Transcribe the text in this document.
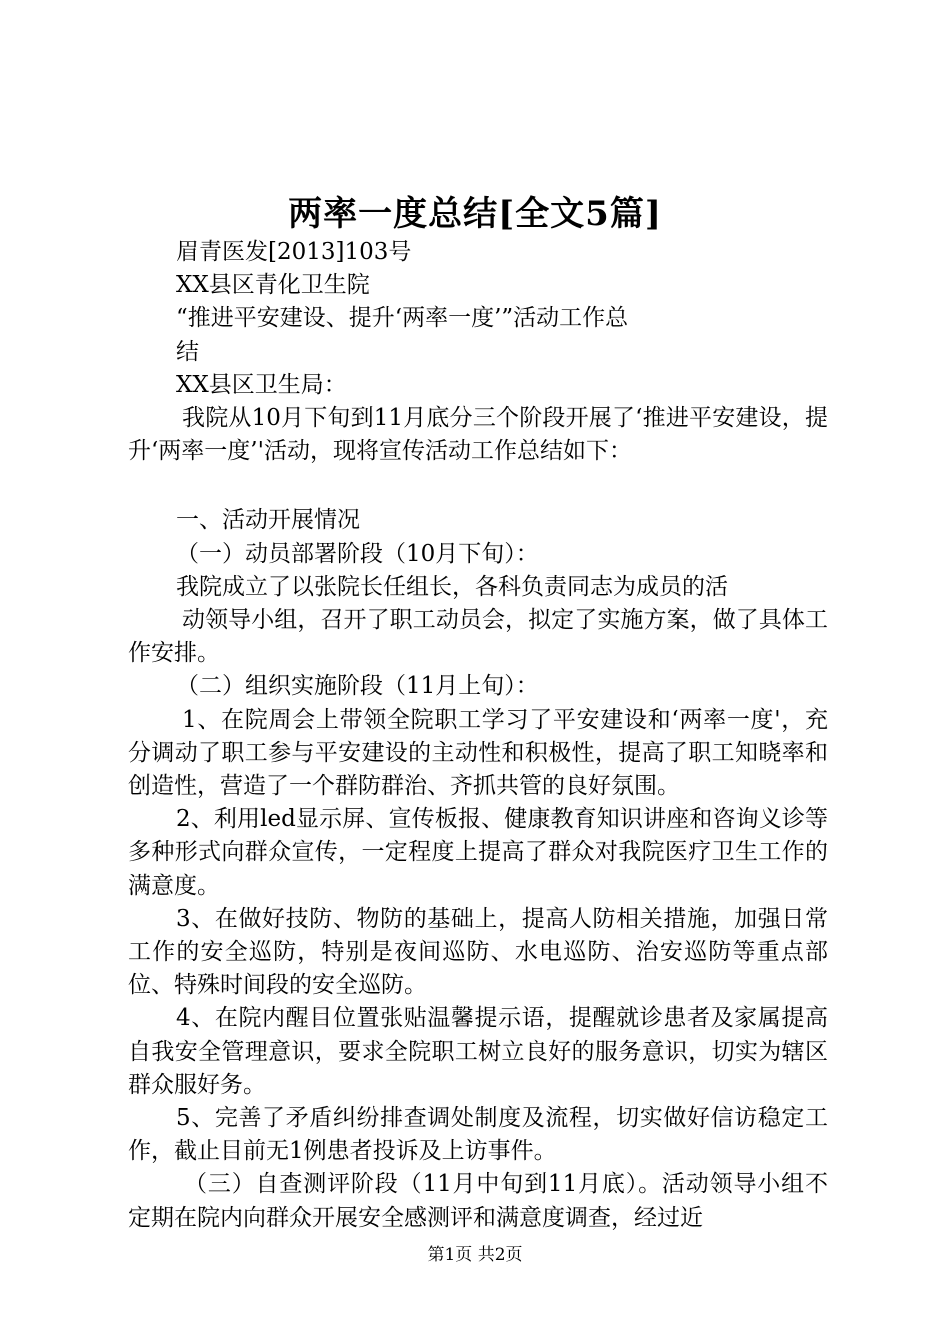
两率一度总结[全文5篇]

眉青医发[2013]103号

XX县区青化卫生院

“推进平安建设、提升‘两率一度’”活动工作总

结

XX县区卫生局：

我院从10月下旬到11月底分三个阶段开展了‘推进平安建设，提升‘两率一度’'活动，现将宣传活动工作总结如下：

一、活动开展情况

（一）动员部署阶段（10月下旬）：

我院成立了以张院长任组长，各科负责同志为成员的活

动领导小组，召开了职工动员会，拟定了实施方案，做了具体工作安排。

（二）组织实施阶段（11月上旬）：

1、在院周会上带领全院职工学习了平安建设和‘两率一度'，充分调动了职工参与平安建设的主动性和积极性，提高了职工知晓率和创造性，营造了一个群防群治、齐抓共管的良好氛围。

2、利用led显示屏、宣传板报、健康教育知识讲座和咨询义诊等多种形式向群众宣传，一定程度上提高了群众对我院医疗卫生工作的满意度。

3、在做好技防、物防的基础上，提高人防相关措施，加强日常工作的安全巡防，特别是夜间巡防、水电巡防、治安巡防等重点部位、特殊时间段的安全巡防。

4、在院内醒目位置张贴温馨提示语，提醒就诊患者及家属提高自我安全管理意识，要求全院职工树立良好的服务意识，切实为辖区群众服好务。

5、完善了矛盾纠纷排查调处制度及流程，切实做好信访稳定工作，截止目前无1例患者投诉及上访事件。

（三）自查测评阶段（11月中旬到11月底）。活动领导小组不定期在院内向群众开展安全感测评和满意度调查，经过近

第1页 共2页
